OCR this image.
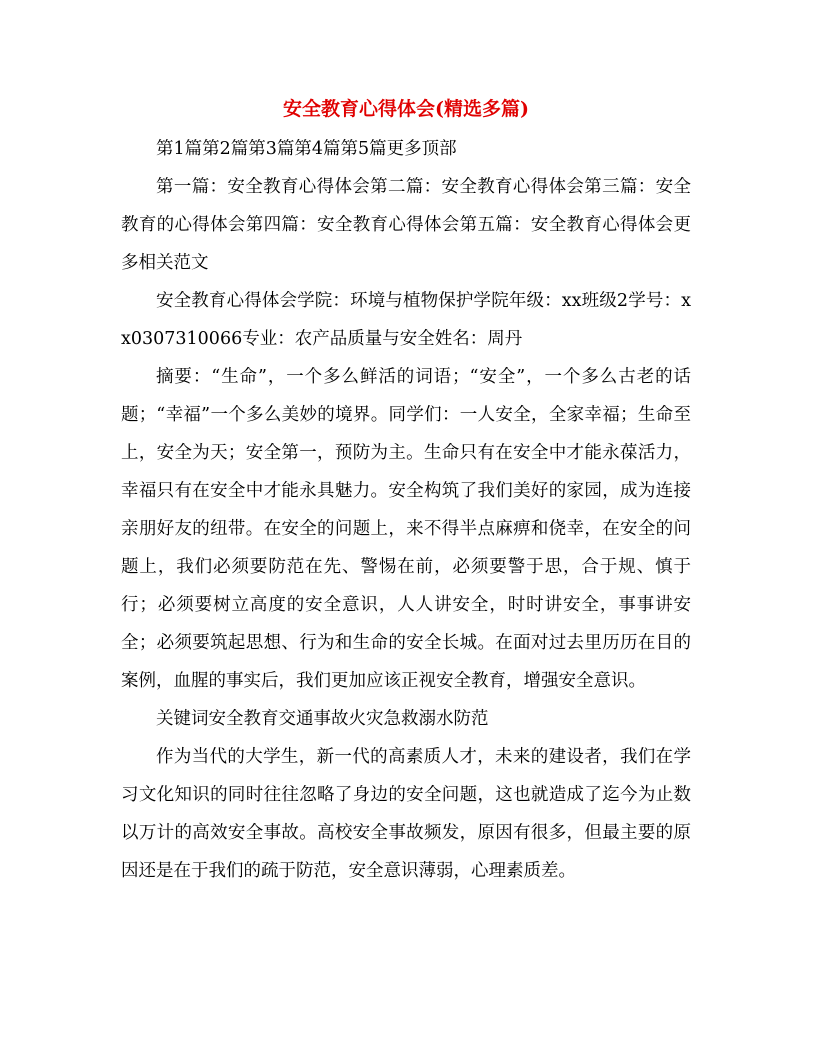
安全教育心得体会(精选多篇)

第1篇第2篇第3篇第4篇第5篇更多顶部

第一篇：安全教育心得体会第二篇：安全教育心得体会第三篇：安全教育的心得体会第四篇：安全教育心得体会第五篇：安全教育心得体会更多相关范文

安全教育心得体会学院：环境与植物保护学院年级：xx班级2学号：xx0307310066专业：农产品质量与安全姓名：周丹

摘要：“生命”，一个多么鲜活的词语；“安全”，一个多么古老的话题；“幸福”一个多么美妙的境界。同学们：一人安全，全家幸福；生命至上，安全为天；安全第一，预防为主。生命只有在安全中才能永葆活力，幸福只有在安全中才能永具魅力。安全构筑了我们美好的家园，成为连接亲朋好友的纽带。在安全的问题上，来不得半点麻痹和侥幸，在安全的问题上，我们必须要防范在先、警惕在前，必须要警于思，合于规、慎于行；必须要树立高度的安全意识，人人讲安全，时时讲安全，事事讲安全；必须要筑起思想、行为和生命的安全长城。在面对过去里历历在目的案例，血腥的事实后，我们更加应该正视安全教育，增强安全意识。

关键词安全教育交通事故火灾急救溺水防范

作为当代的大学生，新一代的高素质人才，未来的建设者，我们在学习文化知识的同时往往忽略了身边的安全问题，这也就造成了迄今为止数以万计的高效安全事故。高校安全事故频发，原因有很多，但最主要的原因还是在于我们的疏于防范，安全意识薄弱，心理素质差。
